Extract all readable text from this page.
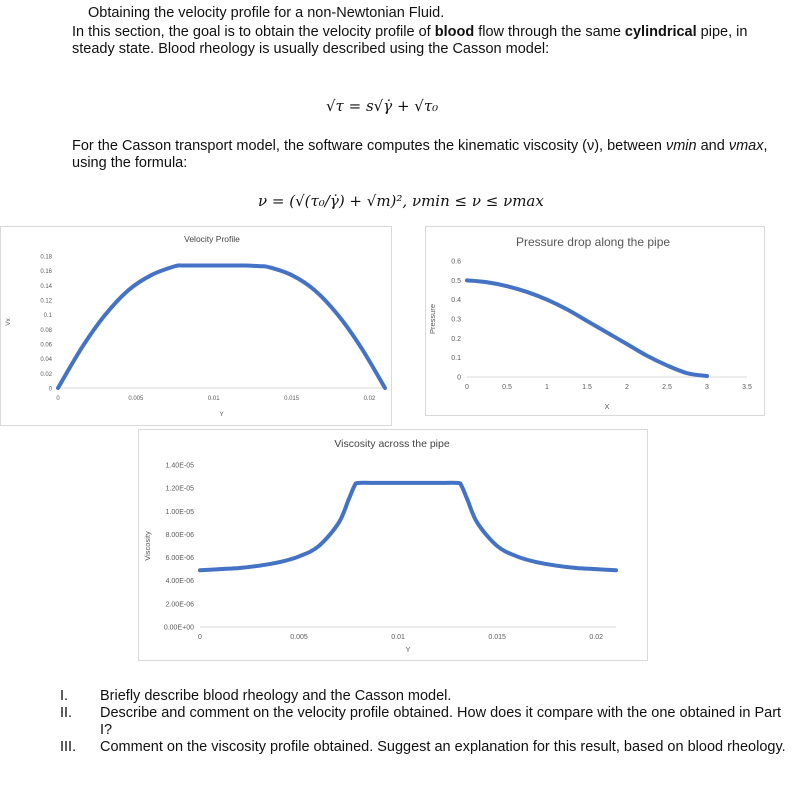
Obtaining the velocity profile for a non-Newtonian Fluid.
In this section, the goal is to obtain the velocity profile of blood flow through the same cylindrical pipe, in steady state. Blood rheology is usually described using the Casson model:
√τ = s√γ̇ + √τ₀
For the Casson transport model, the software computes the kinematic viscosity (ν), between νmin and νmax, using the formula:
ν = (√(τ₀/γ̇) + √m)², νmin ≤ ν ≤ νmax
Velocity Profile
0	0.005	0.01	0.015	0.02
0
0.02
0.04
0.06
0.08
0.1
0.12
0.14
0.16
0.18
Y
Vx
Pressure drop along the pipe
0	0.5	1	1.5	2	2.5	3	3.5
0
0.1
0.2
0.3
0.4
0.5
0.6
X
Pressure
Viscosity across the pipe
0	0.005	0.01	0.015	0.02
0.00E+00
2.00E-06
4.00E-06
6.00E-06
8.00E-06
1.00E-05
1.20E-05
1.40E-05
Y
Viscosity
I.	Briefly describe blood rheology and the Casson model.
II.	Describe and comment on the velocity profile obtained. How does it compare with the one obtained in Part I?
III.	Comment on the viscosity profile obtained. Suggest an explanation for this result, based on blood rheology.
